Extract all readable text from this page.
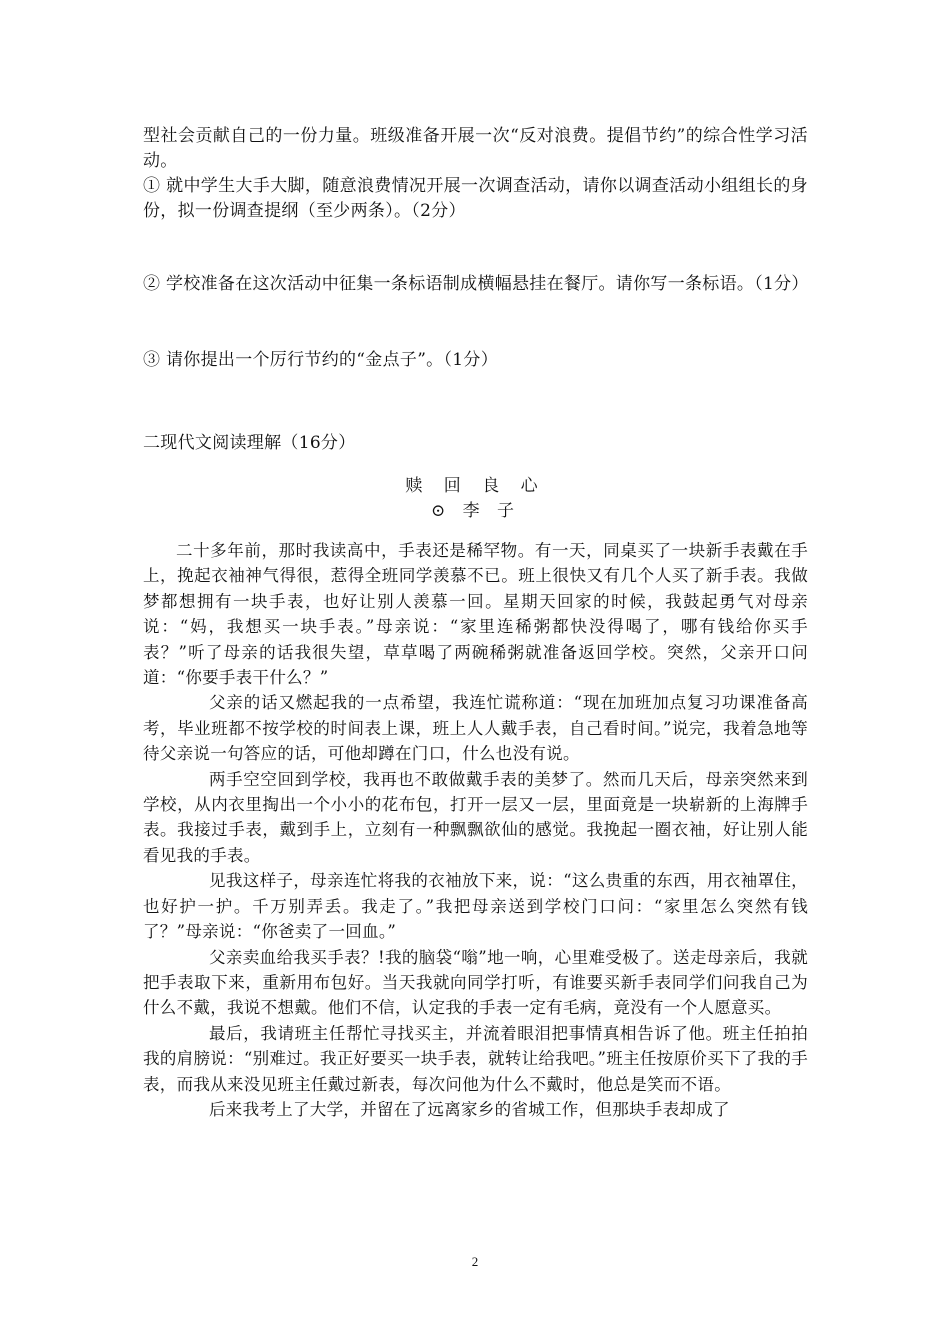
型社会贡献自己的一份力量。班级准备开展一次“反对浪费。提倡节约”的综合性学习活动。

① 就中学生大手大脚，随意浪费情况开展一次调查活动，请你以调查活动小组组长的身份，拟一份调查提纲（至少两条）。（2分）

② 学校准备在这次活动中征集一条标语制成横幅悬挂在餐厅。请你写一条标语。（1分）

③ 请你提出一个厉行节约的“金点子”。（1分）

二现代文阅读理解（16分）

赎 回 良 心
⊙ 李 子

二十多年前，那时我读高中，手表还是稀罕物。有一天，同桌买了一块新手表戴在手上，挽起衣袖神气得很，惹得全班同学羡慕不已。班上很快又有几个人买了新手表。我做梦都想拥有一块手表，也好让别人羡慕一回。星期天回家的时候，我鼓起勇气对母亲说：“妈，我想买一块手表。”母亲说：“家里连稀粥都快没得喝了，哪有钱给你买手表？”听了母亲的话我很失望，草草喝了两碗稀粥就准备返回学校。突然，父亲开口问道：“你要手表干什么？”

父亲的话又燃起我的一点希望，我连忙谎称道：“现在加班加点复习功课准备高考，毕业班都不按学校的时间表上课，班上人人戴手表，自己看时间。”说完，我着急地等待父亲说一句答应的话，可他却蹲在门口，什么也没有说。

两手空空回到学校，我再也不敢做戴手表的美梦了。然而几天后，母亲突然来到学校，从内衣里掏出一个小小的花布包，打开一层又一层，里面竟是一块崭新的上海牌手表。我接过手表，戴到手上，立刻有一种飘飘欲仙的感觉。我挽起一圈衣袖，好让别人能看见我的手表。

见我这样子，母亲连忙将我的衣袖放下来，说：“这么贵重的东西，用衣袖罩住，也好护一护。千万别弄丢。我走了。”我把母亲送到学校门口问：“家里怎么突然有钱了？”母亲说：“你爸卖了一回血。”

父亲卖血给我买手表？!我的脑袋“嗡”地一响，心里难受极了。送走母亲后，我就把手表取下来，重新用布包好。当天我就向同学打听，有谁要买新手表同学们问我自己为什么不戴，我说不想戴。他们不信，认定我的手表一定有毛病，竟没有一个人愿意买。

最后，我请班主任帮忙寻找买主，并流着眼泪把事情真相告诉了他。班主任拍拍我的肩膀说：“别难过。我正好要买一块手表，就转让给我吧。”班主任按原价买下了我的手表，而我从来没见班主任戴过新表，每次问他为什么不戴时，他总是笑而不语。

后来我考上了大学，并留在了远离家乡的省城工作，但那块手表却成了

2
